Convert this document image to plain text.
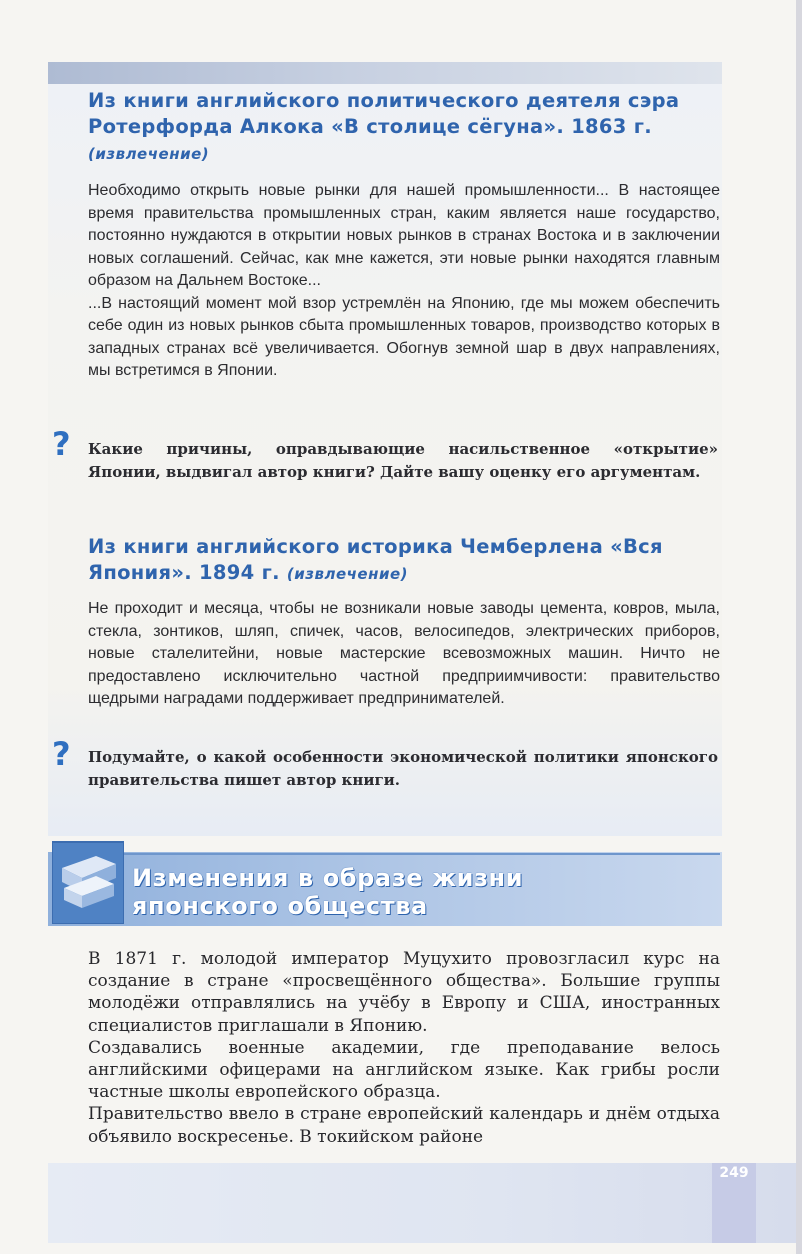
Из книги английского политического деятеля сэра Ротерфорда Алкока «В столице сёгуна». 1863 г. (извлечение)

Необходимо открыть новые рынки для нашей промышленности... В настоящее время правительства промышленных стран, каким является наше государство, постоянно нуждаются в открытии новых рынков в странах Востока и в заключении новых соглашений. Сейчас, как мне кажется, эти новые рынки находятся главным образом на Дальнем Востоке...

...В настоящий момент мой взор устремлён на Японию, где мы можем обеспечить себе один из новых рынков сбыта промышленных товаров, производство которых в западных странах всё увеличивается. Обогнув земной шар в двух направлениях, мы встретимся в Японии.

?	Какие причины, оправдывающие насильственное «открытие» Японии, выдвигал автор книги? Дайте вашу оценку его аргументам.

Из книги английского историка Чемберлена «Вся Япония». 1894 г. (извлечение)

Не проходит и месяца, чтобы не возникали новые заводы цемента, ковров, мыла, стекла, зонтиков, шляп, спичек, часов, велосипедов, электрических приборов, новые сталелитейни, новые мастерские всевозможных машин. Ничто не предоставлено исключительно частной предприимчивости: правительство щедрыми наградами поддерживает предпринимателей.

?	Подумайте, о какой особенности экономической политики японского правительства пишет автор книги.

Изменения в образе жизни
японского общества

В 1871 г. молодой император Муцухито провозгласил курс на создание в стране «просвещённого общества». Большие группы молодёжи отправлялись на учёбу в Европу и США, иностранных специалистов приглашали в Японию.

Создавались военные академии, где преподавание велось английскими офицерами на английском языке. Как грибы росли частные школы европейского образца.

Правительство ввело в стране европейский календарь и днём отдыха объявило воскресенье. В токийском районе

249
